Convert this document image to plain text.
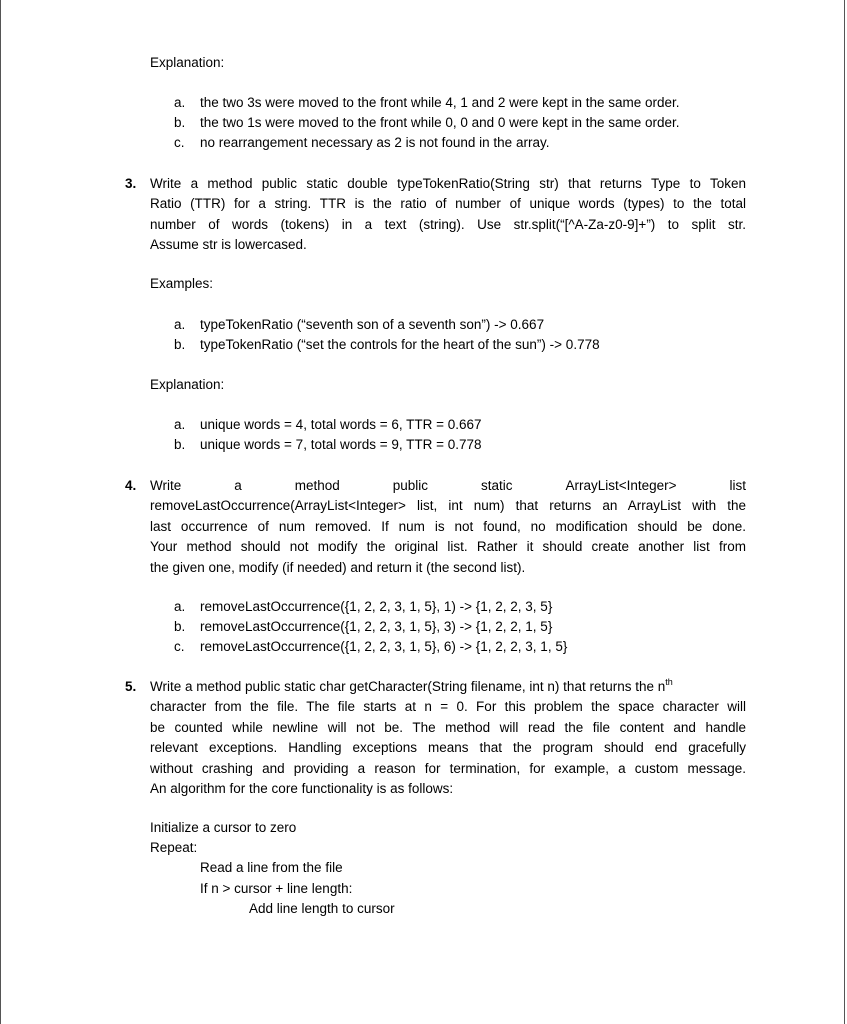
Explanation:
a. the two 3s were moved to the front while 4, 1 and 2 were kept in the same order.
b. the two 1s were moved to the front while 0, 0 and 0 were kept in the same order.
c. no rearrangement necessary as 2 is not found in the array.
3. Write a method public static double typeTokenRatio(String str) that returns Type to Token
Ratio (TTR) for a string. TTR is the ratio of number of unique words (types) to the total
number of words (tokens) in a text (string). Use str.split(“[^A-Za-z0-9]+”) to split str.
Assume str is lowercased.
Examples:
a. typeTokenRatio (“seventh son of a seventh son”) -> 0.667
b. typeTokenRatio (“set the controls for the heart of the sun”) -> 0.778
Explanation:
a. unique words = 4, total words = 6, TTR = 0.667
b. unique words = 7, total words = 9, TTR = 0.778
4. Write	a	method	public	static	ArrayList<Integer>	list
removeLastOccurrence(ArrayList<Integer> list, int num) that returns an ArrayList with the
last occurrence of num removed. If num is not found, no modification should be done.
Your method should not modify the original list. Rather it should create another list from
the given one, modify (if needed) and return it (the second list).
a. removeLastOccurrence({1, 2, 2, 3, 1, 5}, 1) -> {1, 2, 2, 3, 5}
b. removeLastOccurrence({1, 2, 2, 3, 1, 5}, 3) -> {1, 2, 2, 1, 5}
c. removeLastOccurrence({1, 2, 2, 3, 1, 5}, 6) -> {1, 2, 2, 3, 1, 5}
5. Write a method public static char getCharacter(String filename, int n) that returns the $n^{th}$
character from the file. The file starts at n = 0. For this problem the space character will
be counted while newline will not be. The method will read the file content and handle
relevant exceptions. Handling exceptions means that the program should end gracefully
without crashing and providing a reason for termination, for example, a custom message.
An algorithm for the core functionality is as follows:
Initialize a cursor to zero
Repeat:
Read a line from the file
If n > cursor + line length:
Add line length to cursor
